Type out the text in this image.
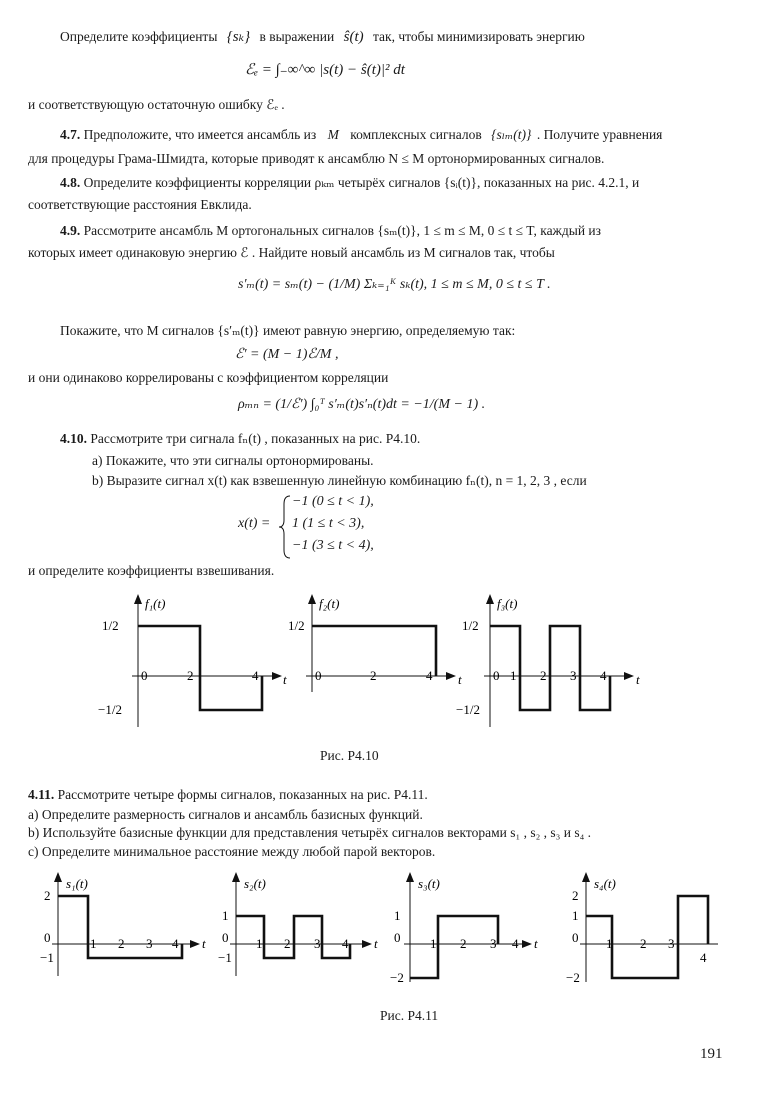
Определите коэффициенты {sₖ} в выражении ŝ(t) так, чтобы минимизировать энергию
ℰₑ = ∫₋∞^∞ |s(t) − ŝ(t)|² dt
и соответствующую остаточную ошибку ℰₑ .
4.7. Предположите, что имеется ансамбль из M комплексных сигналов {sₗₘ(t)} . Получите уравнения
для процедуры Грама-Шмидта, которые приводят к ансамблю N ≤ M ортонормированных сигналов.
4.8. Определите коэффициенты корреляции ρₖₘ четырёх сигналов {sᵢ(t)}, показанных на рис. 4.2.1, и
соответствующие расстояния Евклида.
4.9. Рассмотрите ансамбль M ортогональных сигналов {sₘ(t)}, 1 ≤ m ≤ M, 0 ≤ t ≤ T, каждый из
которых имеет одинаковую энергию ℰ . Найдите новый ансамбль из M сигналов так, чтобы
s′ₘ(t) = sₘ(t) − (1/M) Σₖ₌₁ᴷ sₖ(t), 1 ≤ m ≤ M, 0 ≤ t ≤ T .
Покажите, что M сигналов {s′ₘ(t)} имеют равную энергию, определяемую так:
ℰ′ = (M − 1)ℰ/M ,
и они одинаково коррелированы с коэффициентом корреляции
ρₘₙ = (1/ℰ′) ∫₀ᵀ s′ₘ(t)s′ₙ(t)dt = −1/(M − 1) .
4.10. Рассмотрите три сигнала fₙ(t) , показанных на рис. P4.10.
a) Покажите, что эти сигналы ортонормированы.
b) Выразите сигнал x(t) как взвешенную линейную комбинацию fₙ(t), n = 1, 2, 3 , если
x(t) =
−1 (0 ≤ t < 1),
1 (1 ≤ t < 3),
−1 (3 ≤ t < 4),
и определите коэффициенты взвешивания.
f₁(t)
1/2
−1/2
0	2	4 t
f₂(t)
1/2
0	2	4 t
f₃(t)
1/2
−1/2
0 1 2 3 4 t
Рис. P4.10
4.11. Рассмотрите четыре формы сигналов, показанных на рис. P4.11.
a) Определите размерность сигналов и ансамбль базисных функций.
b) Используйте базисные функции для представления четырёх сигналов векторами s₁ , s₂ , s₃ и s₄ .
c) Определите минимальное расстояние между любой парой векторов.
s₁(t)
2
0
−1
1 2 3 4 t
s₂(t)
1
0
−1
1 2 3 4 t
s₃(t)
1
0
−2
1 2 3 4 t
s₄(t)
2
1
0
−2
1 2 3
4
Рис. P4.11
191
